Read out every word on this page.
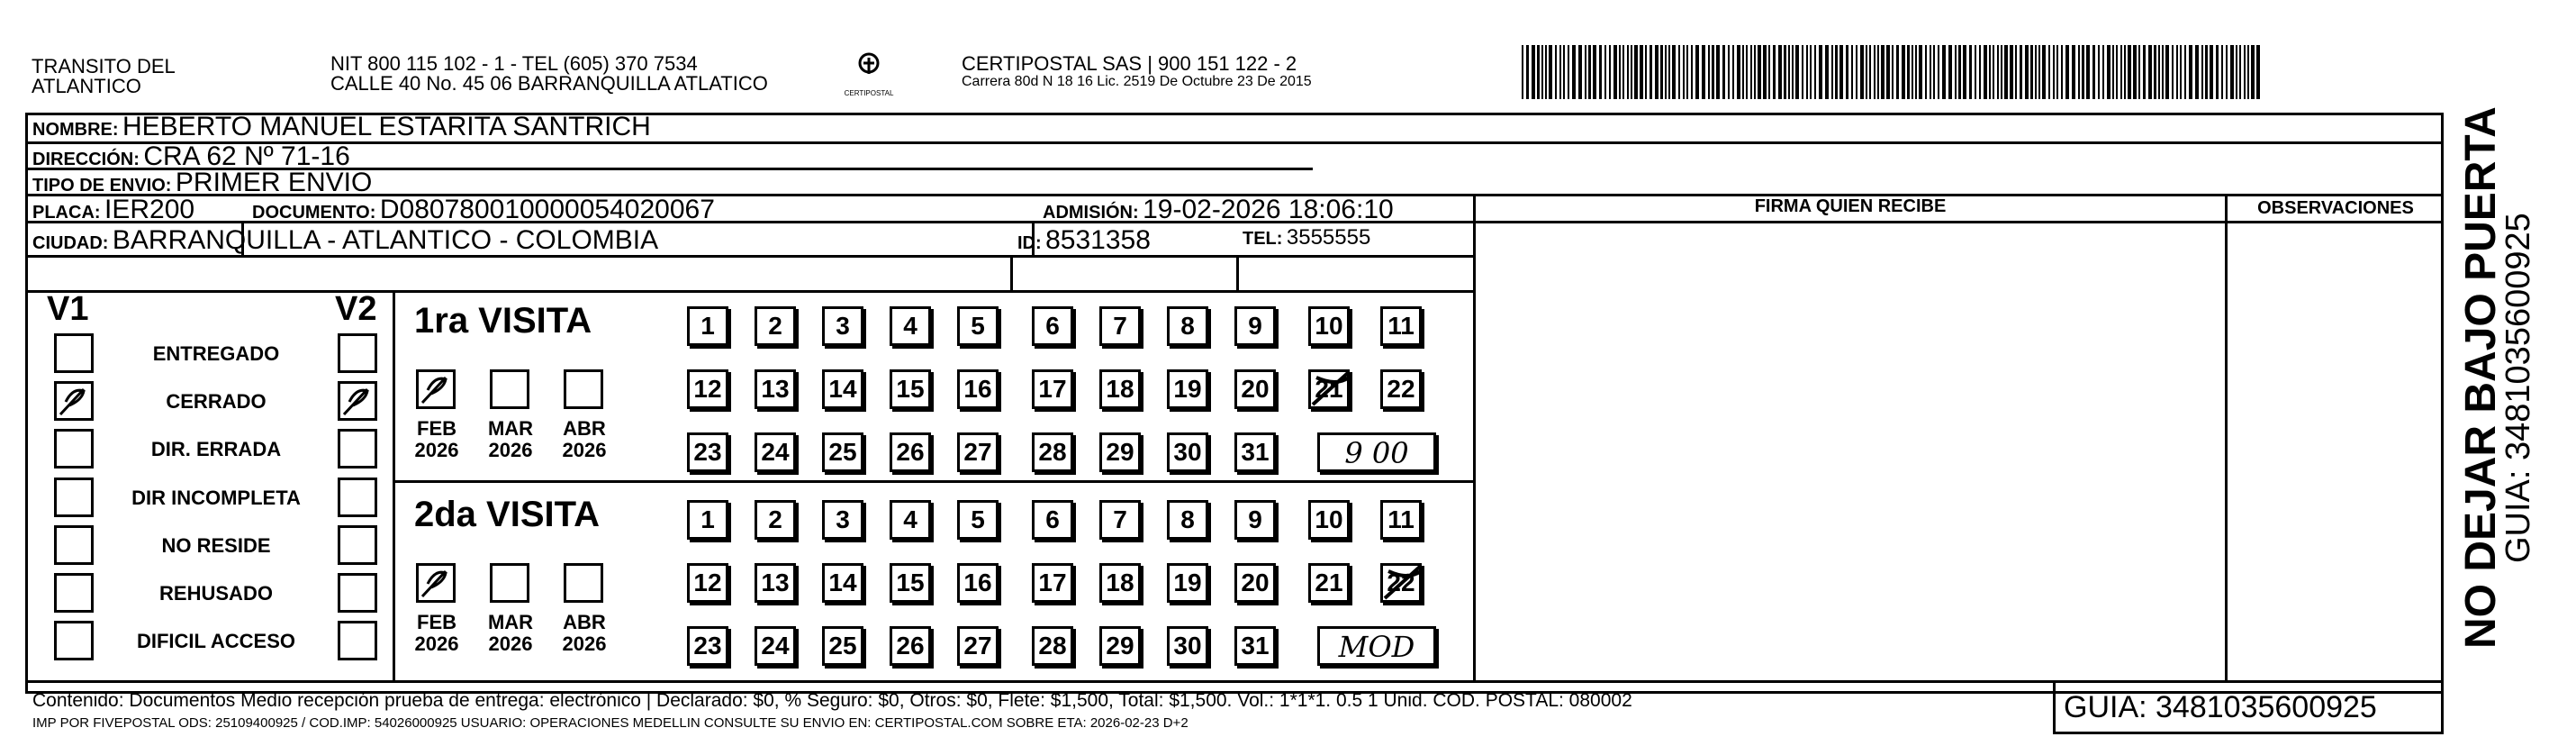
TRANSITO DEL
ATLANTICO
NIT 800 115 102 - 1 - TEL (605) 370 7534
CALLE 40 No. 45 06 BARRANQUILLA ATLATICO	CERTIPOSTAL
CERTIPOSTAL SAS | 900 151 122 - 2
Carrera 80d N 18 16 Lic. 2519 De Octubre 23 De 2015
NOMBRE: HEBERTO MANUEL ESTARITA SANTRICH
DIRECCIÓN: CRA 62 Nº 71-16
TIPO DE ENVIO: PRIMER ENVIO
PLACA: IER200	DOCUMENTO: D080780010000054020067	ADMISIÓN: 19-02-2026 18:06:10
CIUDAD: BARRANQUILLA - ATLANTICO - COLOMBIA	ID: 8531358	TEL: 3555555
FIRMA QUIEN RECIBE	OBSERVACIONES
V1	V2
ENTREGADO
CERRADO
DIR. ERRADA
DIR INCOMPLETA
NO RESIDE
REHUSADO
DIFICIL ACCESO
1ra VISITA
FEB
2026
MAR
2026
ABR
2026
1	2	3	4	5	6	7	8	9	10 11
12 13 14 15 16 17 18 19 20 21 22
23 24 25 26 27 28 29 30 31	9 00
2da VISITA
FEB
2026
MAR
2026
ABR
2026
1	2	3	4	5	6	7	8	9	10 11
12 13 14 15 16 17 18 19 20 21 22
23 24 25 26 27 28 29 30 31	MOD
Contenido: Documentos Medio recepción prueba de entrega: electrónico | Declarado: $0, % Seguro: $0, Otros: $0, Flete: $1,500, Total: $1,500. Vol.: 1*1*1. 0.5 1 Unid. COD. POSTAL: 080002
IMP POR FIVEPOSTAL ODS: 25109400925 / COD.IMP: 54026000925 USUARIO: OPERACIONES MEDELLIN CONSULTE SU ENVIO EN: CERTIPOSTAL.COM SOBRE ETA: 2026-02-23 D+2	GUIA: 3481035600925
NO DEJAR BAJO PUERTA
GUIA: 3481035600925
